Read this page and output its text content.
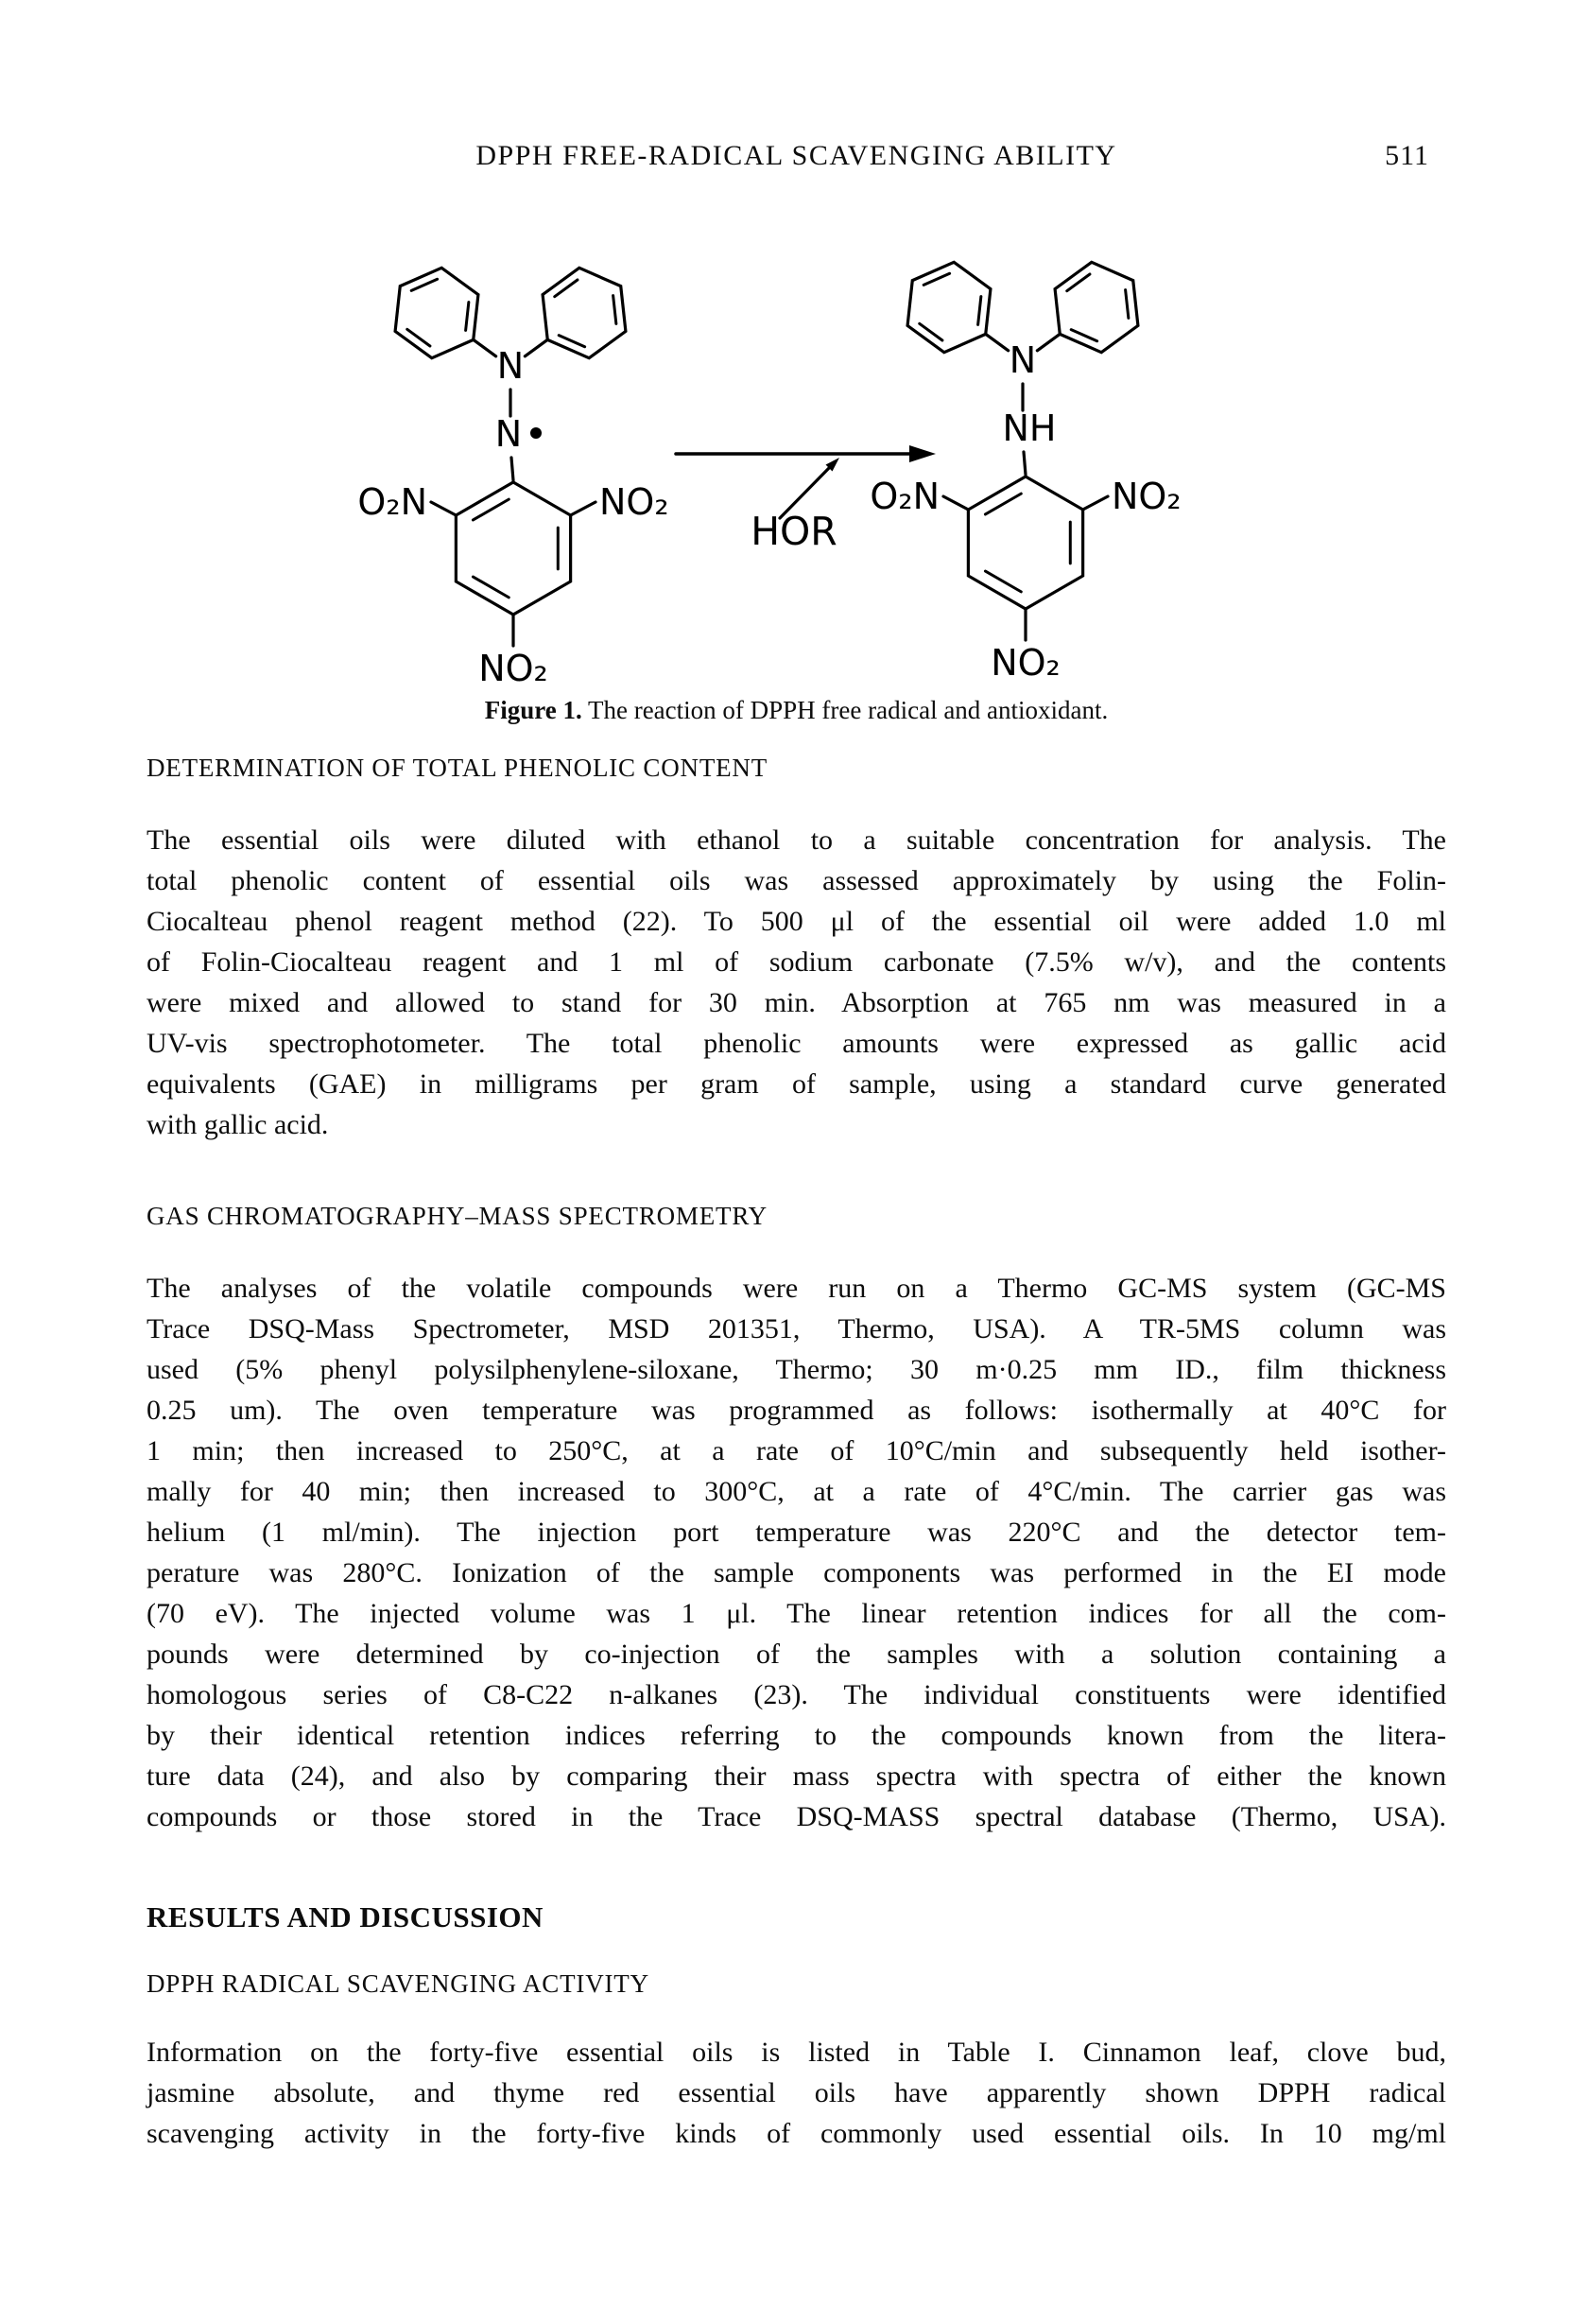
DPPH FREE-RADICAL SCAVENGING ABILITY	511
N
N
O₂N	NO₂
NO₂
N
NH
O₂N	NO₂
NO₂
HOR
Figure 1. The reaction of DPPH free radical and antioxidant.
DETERMINATION OF TOTAL PHENOLIC CONTENT
The essential oils were diluted with ethanol to a suitable concentration for analysis. The
total phenolic content of essential oils was assessed approximately by using the Folin-
Ciocalteau phenol reagent method (22). To 500 μl of the essential oil were added 1.0 ml
of Folin-Ciocalteau reagent and 1 ml of sodium carbonate (7.5% w/v), and the contents
were mixed and allowed to stand for 30 min. Absorption at 765 nm was measured in a
UV-vis spectrophotometer. The total phenolic amounts were expressed as gallic acid
equivalents (GAE) in milligrams per gram of sample, using a standard curve generated
with gallic acid.
GAS CHROMATOGRAPHY–MASS SPECTROMETRY
The analyses of the volatile compounds were run on a Thermo GC-MS system (GC-MS
Trace DSQ-Mass Spectrometer, MSD 201351, Thermo, USA). A TR-5MS column was
used (5% phenyl polysilphenylene-siloxane, Thermo; 30 m·0.25 mm ID., film thickness
0.25 um). The oven temperature was programmed as follows: isothermally at 40°C for
1 min; then increased to 250°C, at a rate of 10°C/min and subsequently held isother-
mally for 40 min; then increased to 300°C, at a rate of 4°C/min. The carrier gas was
helium (1 ml/min). The injection port temperature was 220°C and the detector tem-
perature was 280°C. Ionization of the sample components was performed in the EI mode
(70 eV). The injected volume was 1 μl. The linear retention indices for all the com-
pounds were determined by co-injection of the samples with a solution containing a
homologous series of C8-C22 n-alkanes (23). The individual constituents were identified
by their identical retention indices referring to the compounds known from the litera-
ture data (24), and also by comparing their mass spectra with spectra of either the known
compounds or those stored in the Trace DSQ-MASS spectral database (Thermo, USA).
RESULTS AND DISCUSSION
DPPH RADICAL SCAVENGING ACTIVITY
Information on the forty-five essential oils is listed in Table I. Cinnamon leaf, clove bud,
jasmine absolute, and thyme red essential oils have apparently shown DPPH radical
scavenging activity in the forty-five kinds of commonly used essential oils. In 10 mg/ml
